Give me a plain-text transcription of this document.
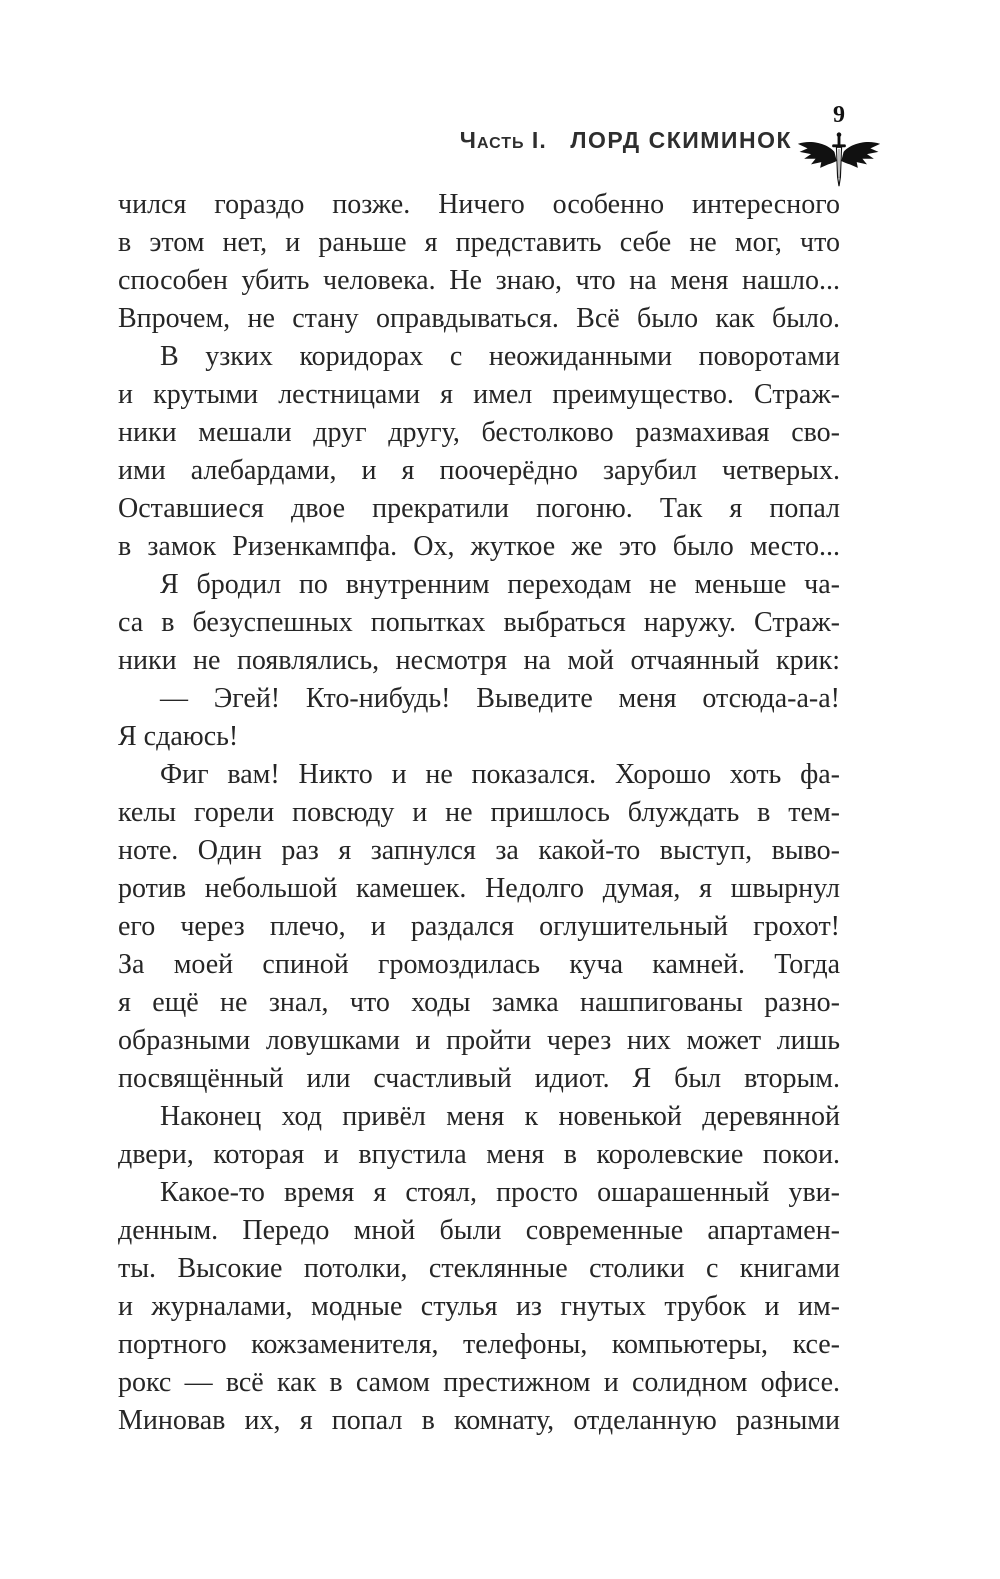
Часть I. ЛОРД СКИМИНОК
9
чился гораздо позже. Ничего особенно интересного
в этом нет, и раньше я представить себе не мог, что
способен убить человека. Не знаю, что на меня нашло...
Впрочем, не стану оправдываться. Всё было как было.
В узких коридорах с неожиданными поворотами
и крутыми лестницами я имел преимущество. Страж-
ники мешали друг другу, бестолково размахивая сво-
ими алебардами, и я поочерёдно зарубил четверых.
Оставшиеся двое прекратили погоню. Так я попал
в замок Ризенкампфа. Ох, жуткое же это было место...
Я бродил по внутренним переходам не меньше ча-
са в безуспешных попытках выбраться наружу. Страж-
ники не появлялись, несмотря на мой отчаянный крик:
— Эгей! Кто-нибудь! Выведите меня отсюда-а-а!
Я сдаюсь!
Фиг вам! Никто и не показался. Хорошо хоть фа-
келы горели повсюду и не пришлось блуждать в тем-
ноте. Один раз я запнулся за какой-то выступ, выво-
ротив небольшой камешек. Недолго думая, я швырнул
его через плечо, и раздался оглушительный грохот!
За моей спиной громоздилась куча камней. Тогда
я ещё не знал, что ходы замка нашпигованы разно-
образными ловушками и пройти через них может лишь
посвящённый или счастливый идиот. Я был вторым.
Наконец ход привёл меня к новенькой деревянной
двери, которая и впустила меня в королевские покои.
Какое-то время я стоял, просто ошарашенный уви-
денным. Передо мной были современные апартамен-
ты. Высокие потолки, стеклянные столики с книгами
и журналами, модные стулья из гнутых трубок и им-
портного кожзаменителя, телефоны, компьютеры, ксе-
рокс — всё как в самом престижном и солидном офисе.
Миновав их, я попал в комнату, отделанную разными
